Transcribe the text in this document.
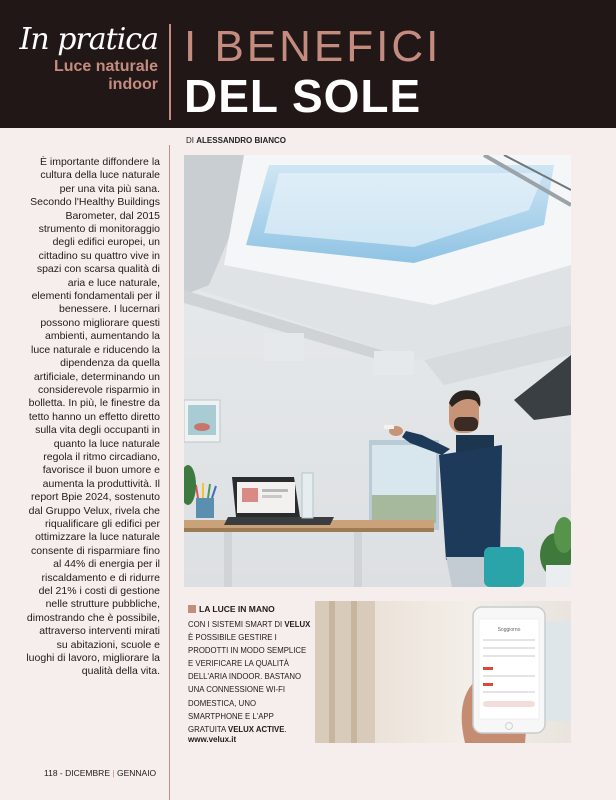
In pratica
Luce naturale indoor
I BENEFICI
DEL SOLE
DI ALESSANDRO BIANCO
È importante diffondere la cultura della luce naturale per una vita più sana. Secondo l'Healthy Buildings Barometer, dal 2015 strumento di monitoraggio degli edifici europei, un cittadino su quattro vive in spazi con scarsa qualità di aria e luce naturale, elementi fondamentali per il benessere. I lucernari possono migliorare questi ambienti, aumentando la luce naturale e riducendo la dipendenza da quella artificiale, determinando un considerevole risparmio in bolletta. In più, le finestre da tetto hanno un effetto diretto sulla vita degli occupanti in quanto la luce naturale regola il ritmo circadiano, favorisce il buon umore e aumenta la produttività. Il report Bpie 2024, sostenuto dal Gruppo Velux, rivela che riqualificare gli edifici per ottimizzare la luce naturale consente di risparmiare fino al 44% di energia per il riscaldamento e di ridurre del 21% i costi di gestione nelle strutture pubbliche, dimostrando che è possibile, attraverso interventi mirati su abitazioni, scuole e luoghi di lavoro, migliorare la qualità della vita.
LA LUCE IN MANO
CON I SISTEMI SMART DI VELUX È POSSIBILE GESTIRE I PRODOTTI IN MODO SEMPLICE E VERIFICARE LA QUALITÀ DELL'ARIA INDOOR. BASTANO UNA CONNESSIONE WI-FI DOMESTICA, UNO SMARTPHONE E L'APP GRATUITA VELUX ACTIVE.
www.velux.it
Soggiorno
118 - DICEMBRE | GENNAIO
